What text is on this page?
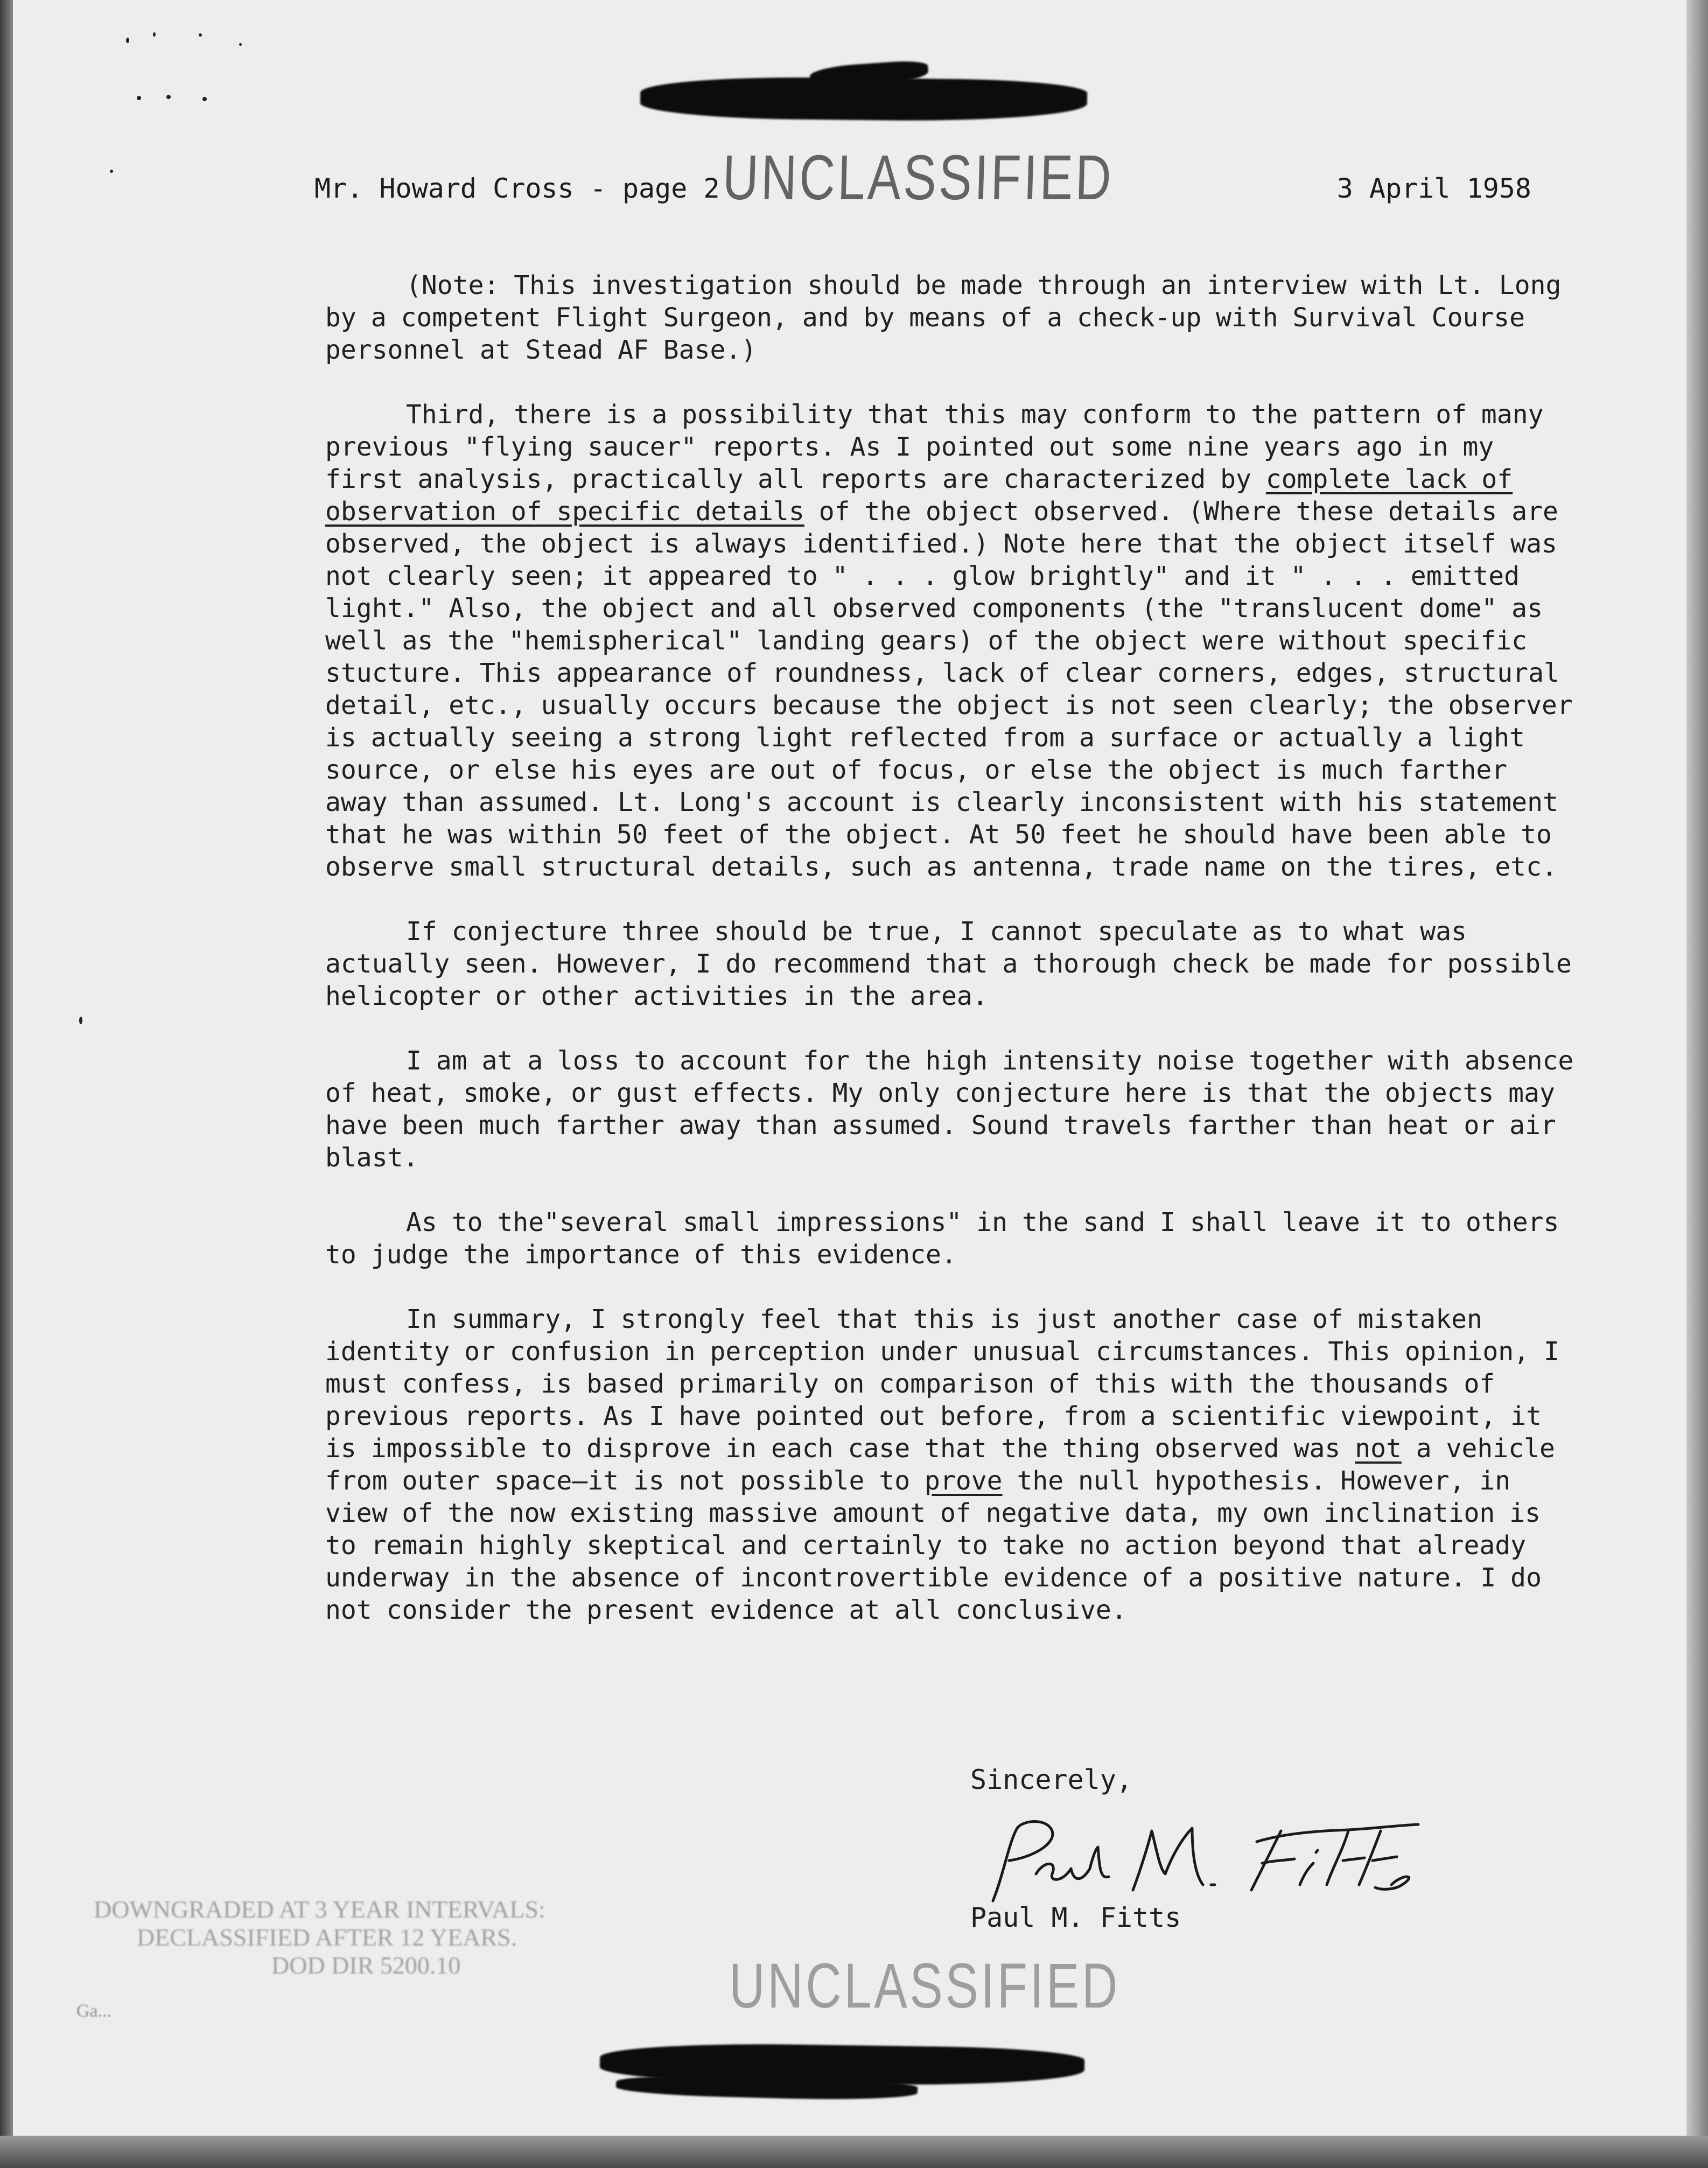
Mr. Howard Cross - page 2	3 April 1958
UNCLASSIFIED

(Note: This investigation should be made through an interview with Lt. Long by a competent Flight Surgeon, and by means of a check-up with Survival Course personnel at Stead AF Base.)

Third, there is a possibility that this may conform to the pattern of many previous "flying saucer" reports. As I pointed out some nine years ago in my first analysis, practically all reports are characterized by complete lack of observation of specific details of the object observed. (Where these details are observed, the object is always identified.) Note here that the object itself was not clearly seen; it appeared to " . . . glow brightly" and it " . . . emitted light." Also, the object and all observed components (the "translucent dome" as well as the "hemispherical" landing gears) of the object were without specific stucture. This appearance of roundness, lack of clear corners, edges, structural detail, etc., usually occurs because the object is not seen clearly; the observer is actually seeing a strong light reflected from a surface or actually a light source, or else his eyes are out of focus, or else the object is much farther away than assumed. Lt. Long's account is clearly inconsistent with his statement that he was within 50 feet of the object. At 50 feet he should have been able to observe small structural details, such as antenna, trade name on the tires, etc.

If conjecture three should be true, I cannot speculate as to what was actually seen. However, I do recommend that a thorough check be made for possible helicopter or other activities in the area.

I am at a loss to account for the high intensity noise together with absence of heat, smoke, or gust effects. My only conjecture here is that the objects may have been much farther away than assumed. Sound travels farther than heat or air blast.

As to the"several small impressions" in the sand I shall leave it to others to judge the importance of this evidence.

In summary, I strongly feel that this is just another case of mistaken identity or confusion in perception under unusual circumstances. This opinion, I must confess, is based primarily on comparison of this with the thousands of previous reports. As I have pointed out before, from a scientific viewpoint, it is impossible to disprove in each case that the thing observed was not a vehicle from outer space—it is not possible to prove the null hypothesis. However, in view of the now existing massive amount of negative data, my own inclination is to remain highly skeptical and certainly to take no action beyond that already underway in the absence of incontrovertible evidence of a positive nature. I do not consider the present evidence at all conclusive.

Sincerely,
Paul M. Fitts
DOWNGRADED AT 3 YEAR INTERVALS:
DECLASSIFIED AFTER 12 YEARS.
DOD DIR 5200.10
Ga...	UNCLASSIFIED
